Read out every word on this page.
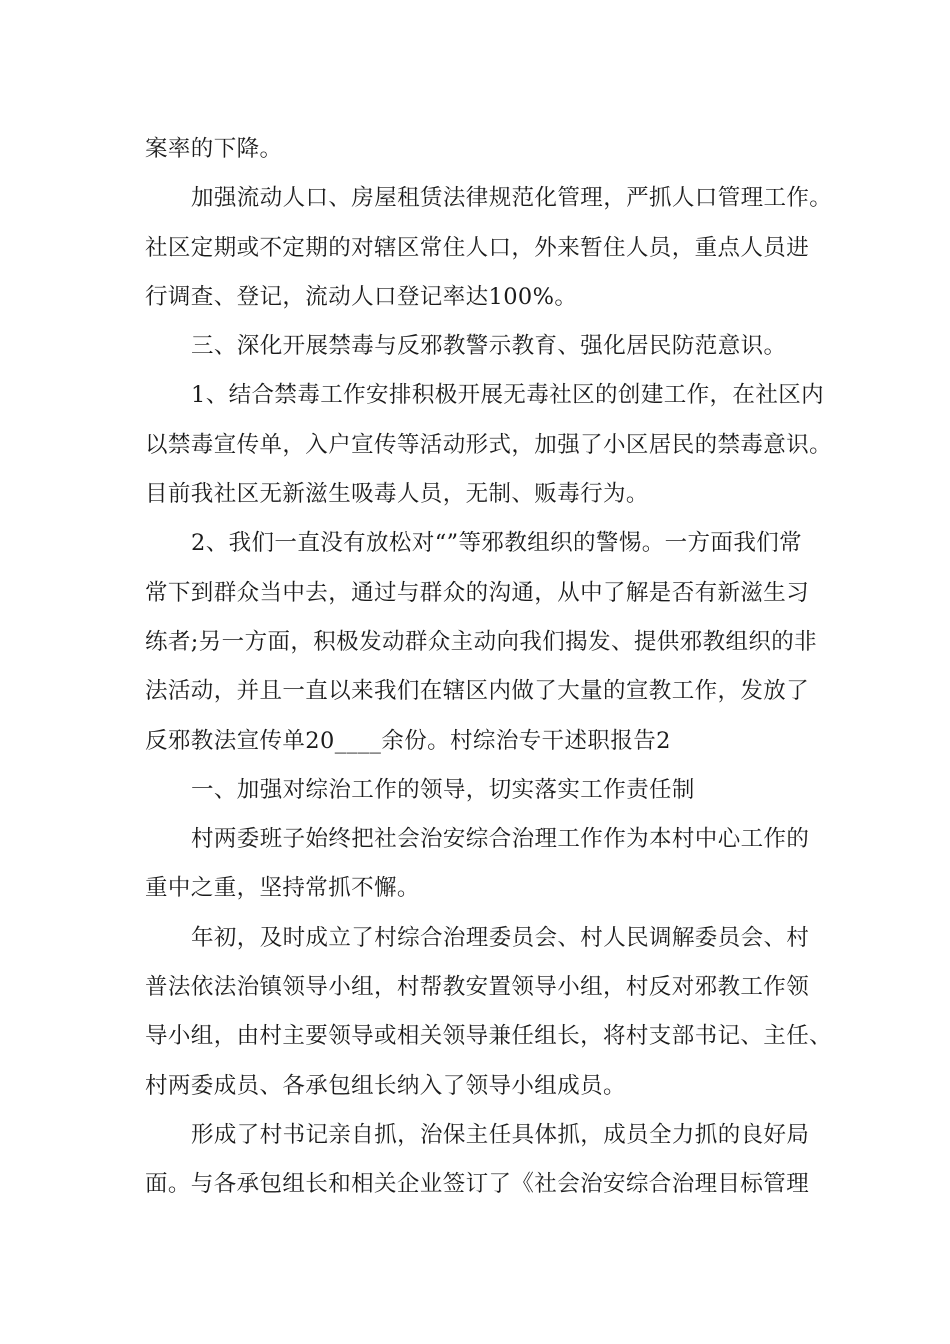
案率的下降。
加强流动人口、房屋租赁法律规范化管理，严抓人口管理工作。
社区定期或不定期的对辖区常住人口，外来暂住人员，重点人员进
行调查、登记，流动人口登记率达100%。
三、深化开展禁毒与反邪教警示教育、强化居民防范意识。
1、结合禁毒工作安排积极开展无毒社区的创建工作，在社区内
以禁毒宣传单，入户宣传等活动形式，加强了小区居民的禁毒意识。
目前我社区无新滋生吸毒人员，无制、贩毒行为。
2、我们一直没有放松对“”等邪教组织的警惕。一方面我们常
常下到群众当中去，通过与群众的沟通，从中了解是否有新滋生习
练者;另一方面，积极发动群众主动向我们揭发、提供邪教组织的非
法活动，并且一直以来我们在辖区内做了大量的宣教工作，发放了
反邪教法宣传单20____余份。村综治专干述职报告2
一、加强对综治工作的领导，切实落实工作责任制
村两委班子始终把社会治安综合治理工作作为本村中心工作的
重中之重，坚持常抓不懈。
年初，及时成立了村综合治理委员会、村人民调解委员会、村
普法依法治镇领导小组，村帮教安置领导小组，村反对邪教工作领
导小组，由村主要领导或相关领导兼任组长，将村支部书记、主任、
村两委成员、各承包组长纳入了领导小组成员。
形成了村书记亲自抓，治保主任具体抓，成员全力抓的良好局
面。与各承包组长和相关企业签订了《社会治安综合治理目标管理
